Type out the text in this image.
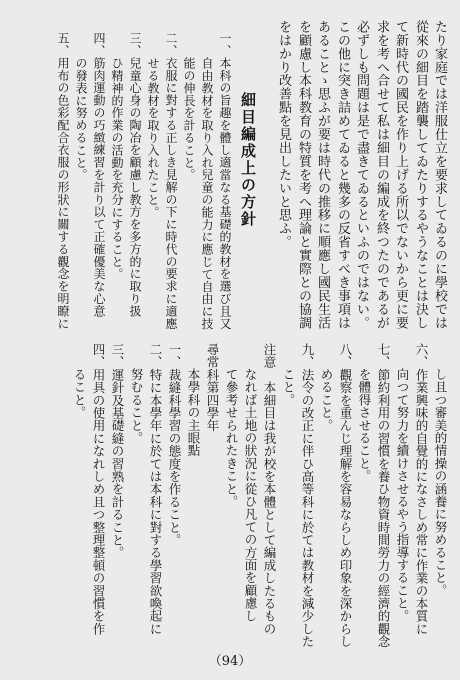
たり家庭では洋服仕立を要求してゐるのに學校では
從來の細目を踏襲してゐたりするやうなことは決し
て新時代の國民を作り上げる所以でないから更に要
求を考へ合せて私は細目の編成を終つたのであるが
必ずしも問題は是で盡きてゐるといふのではない。
この他に突き詰めてゐると幾多の反省すべき事項は
あることゝ思ふが要は時代の推移に順應し國民生活
を顧慮し本科教育の特質を考へ理論と實際との協調
をはかり改善點を見出したいと思ふ。
細目編成上の方針
一、本科の旨趣を體し適當なる基礎的教材を選び且又
自由教材を取り入れ兒童の能力に應じて自由に技
能の伸長を計ること。
二、衣服に對する正しき見解の下に時代の要求に適應
せる教材を取り入れたこと。
三、兒童心身の陶冶を顧慮し教方を多方的に取り扱
ひ精神的作業の活動を充分にすること。
四、筋肉運動の巧緻練習を計り以て正確優美な心意
の發表に努めること。
五、用布の色彩配合衣服の形狀に關する觀念を明瞭に
し且つ審美的情操の涵養に努めること。
六、作業興味的自覺的になさしめ常に作業の本質に
向つて努力を續けさせるやう指導すること。
七、節約利用の習慣を養ひ物資時間勞力の經濟的觀念
を體得させること。
八、觀察を重んじ理解を容易ならしめ印象を深からし
めること。
九、法令の改正に伴ひ高等科に於ては教材を減少した
こと。
注意本細目は我が校を本體として編成したるもの
なれば土地の狀況に從ひ凡ての方面を顧慮し
て參考せられたきこと。
尋常科第四學年
本學科の主眼點
一、裁縫科學習の態度を作ること。
二、特に本學年に於ては本科に對する學習欲喚起に
努むること。
三、運針及基礎縫の習熟を計ること。
四、用具の使用になれしめ且つ整理整頓の習慣を作
ること。
（94）
